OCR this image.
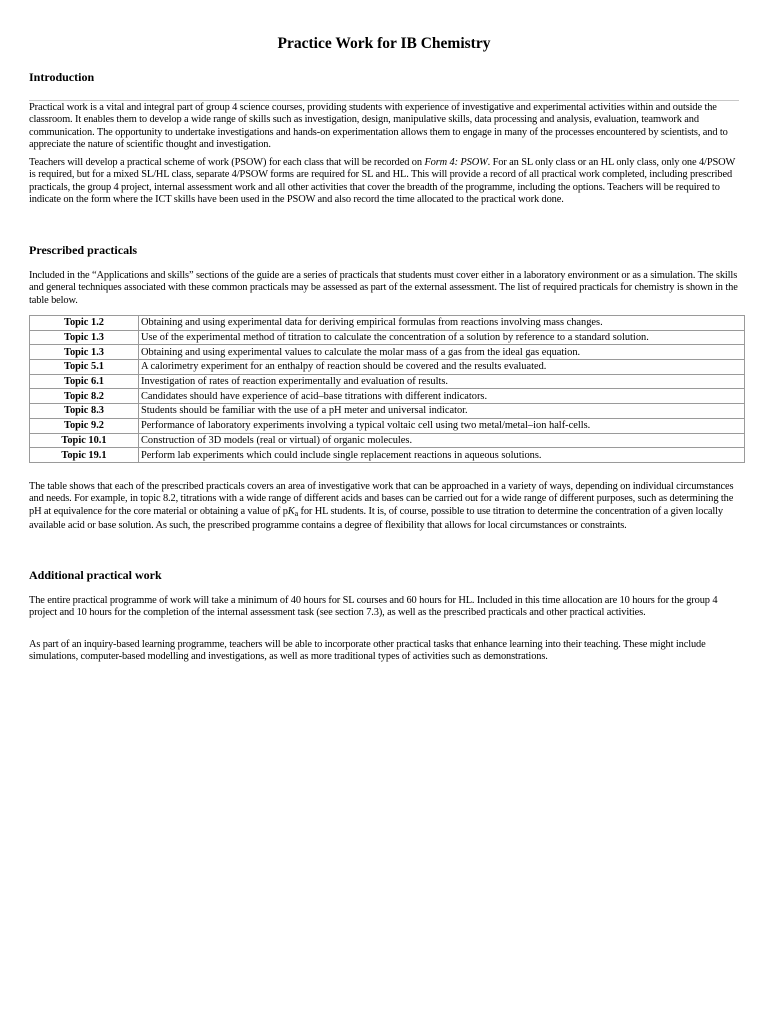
Practice Work for IB Chemistry
Introduction

Practical work is a vital and integral part of group 4 science courses, providing students with experience of investigative and experimental activities within and outside the classroom. It enables them to develop a wide range of skills such as investigation, design, manipulative skills, data processing and analysis, evaluation, teamwork and communication. The opportunity to undertake investigations and hands-on experimentation allows them to engage in many of the processes encountered by scientists, and to appreciate the nature of scientific thought and investigation.

Teachers will develop a practical scheme of work (PSOW) for each class that will be recorded on Form 4: PSOW. For an SL only class or an HL only class, only one 4/PSOW is required, but for a mixed SL/HL class, separate 4/PSOW forms are required for SL and HL. This will provide a record of all practical work completed, including prescribed practicals, the group 4 project, internal assessment work and all other activities that cover the breadth of the programme, including the options. Teachers will be required to indicate on the form where the ICT skills have been used in the PSOW and also record the time allocated to the practical work done.

Prescribed practicals

Included in the “Applications and skills” sections of the guide are a series of practicals that students must cover either in a laboratory environment or as a simulation. The skills and general techniques associated with these common practicals may be assessed as part of the external assessment. The list of required practicals for chemistry is shown in the table below.

Topic 1.2	Obtaining and using experimental data for deriving empirical formulas from reactions involving mass changes.
Topic 1.3	Use of the experimental method of titration to calculate the concentration of a solution by reference to a standard solution.
Topic 1.3	Obtaining and using experimental values to calculate the molar mass of a gas from the ideal gas equation.
Topic 5.1	A calorimetry experiment for an enthalpy of reaction should be covered and the results evaluated.
Topic 6.1	Investigation of rates of reaction experimentally and evaluation of results.
Topic 8.2	Candidates should have experience of acid–base titrations with different indicators.
Topic 8.3	Students should be familiar with the use of a pH meter and universal indicator.
Topic 9.2	Performance of laboratory experiments involving a typical voltaic cell using two metal/metal–ion half-cells.
Topic 10.1	Construction of 3D models (real or virtual) of organic molecules.
Topic 19.1	Perform lab experiments which could include single replacement reactions in aqueous solutions.

The table shows that each of the prescribed practicals covers an area of investigative work that can be approached in a variety of ways, depending on individual circumstances and needs. For example, in topic 8.2, titrations with a wide range of different acids and bases can be carried out for a wide range of different purposes, such as determining the pH at equivalence for the core material or obtaining a value of $pK_a$ for HL students. It is, of course, possible to use titration to determine the concentration of a given locally available acid or base solution. As such, the prescribed programme contains a degree of flexibility that allows for local circumstances or constraints.

Additional practical work

The entire practical programme of work will take a minimum of 40 hours for SL courses and 60 hours for HL. Included in this time allocation are 10 hours for the group 4 project and 10 hours for the completion of the internal assessment task (see section 7.3), as well as the prescribed practicals and other practical activities.

As part of an inquiry-based learning programme, teachers will be able to incorporate other practical tasks that enhance learning into their teaching. These might include simulations, computer-based modelling and investigations, as well as more traditional types of activities such as demonstrations.
